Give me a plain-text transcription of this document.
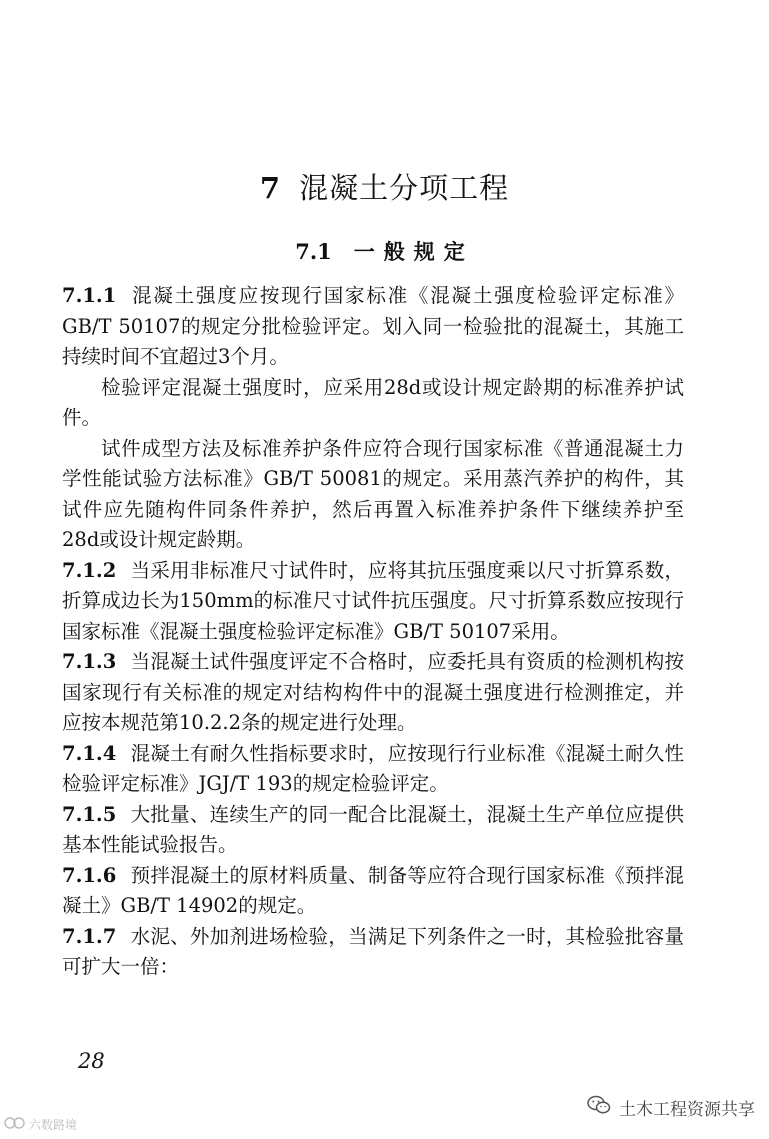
7 混凝土分项工程
7.1 一般规定

7.1.1 混凝土强度应按现行国家标准《混凝土强度检验评定标准》GB/T 50107的规定分批检验评定。划入同一检验批的混凝土，其施工持续时间不宜超过3个月。

检验评定混凝土强度时，应采用28d或设计规定龄期的标准养护试件。

试件成型方法及标准养护条件应符合现行国家标准《普通混凝土力学性能试验方法标准》GB/T 50081的规定。采用蒸汽养护的构件，其试件应先随构件同条件养护，然后再置入标准养护条件下继续养护至28d或设计规定龄期。

7.1.2 当采用非标准尺寸试件时，应将其抗压强度乘以尺寸折算系数，折算成边长为150mm的标准尺寸试件抗压强度。尺寸折算系数应按现行国家标准《混凝土强度检验评定标准》GB/T 50107采用。

7.1.3 当混凝土试件强度评定不合格时，应委托具有资质的检测机构按国家现行有关标准的规定对结构构件中的混凝土强度进行检测推定，并应按本规范第10.2.2条的规定进行处理。

7.1.4 混凝土有耐久性指标要求时，应按现行行业标准《混凝土耐久性检验评定标准》JGJ/T 193的规定检验评定。

7.1.5 大批量、连续生产的同一配合比混凝土，混凝土生产单位应提供基本性能试验报告。

7.1.6 预拌混凝土的原材料质量、制备等应符合现行国家标准《预拌混凝土》GB/T 14902的规定。

7.1.7 水泥、外加剂进场检验，当满足下列条件之一时，其检验批容量可扩大一倍：

28
土木工程资源共享
六数路境
